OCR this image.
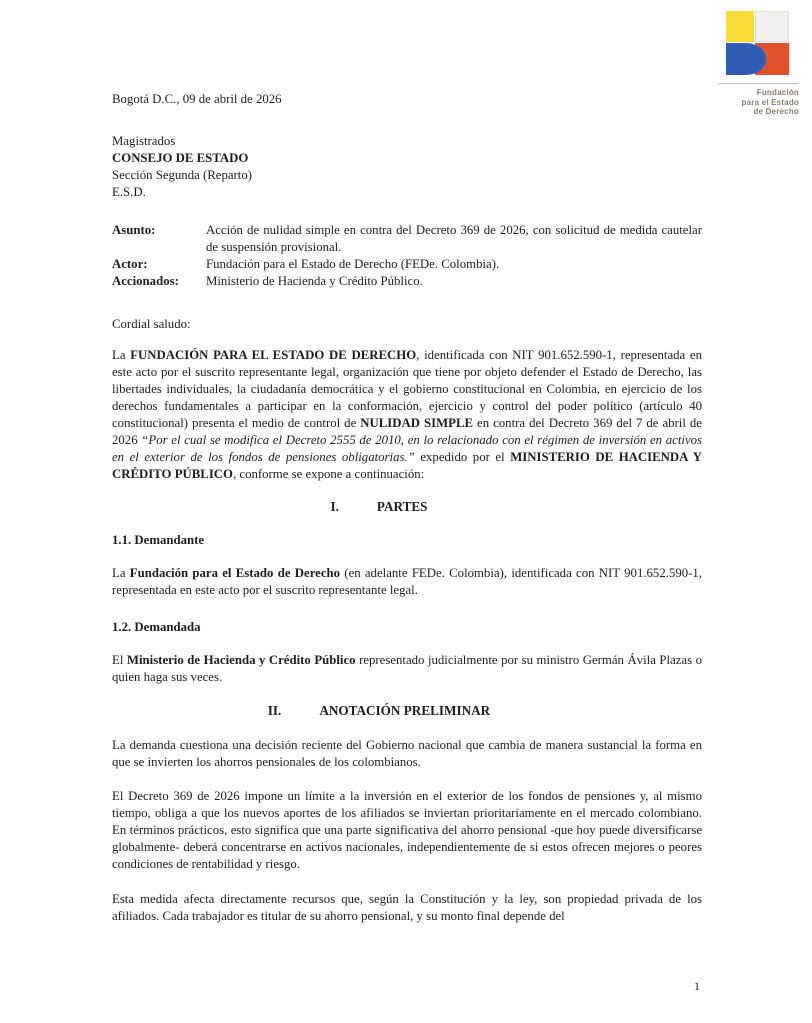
Fundación
para el Estado
de Derecho
Bogotá D.C., 09 de abril de 2026
Magistrados
CONSEJO DE ESTADO
Sección Segunda (Reparto)
E.S.D.
Asunto:	Acción de nulidad simple en contra del Decreto 369 de 2026, con solicitud de medida cautelar de suspensión provisional.
Actor:	Fundación para el Estado de Derecho (FEDe. Colombia).
Accionados:	Ministerio de Hacienda y Crédito Público.
Cordial saludo:

La FUNDACIÓN PARA EL ESTADO DE DERECHO, identificada con NIT 901.652.590-1, representada en este acto por el suscrito representante legal, organización que tiene por objeto defender el Estado de Derecho, las libertades individuales, la ciudadanía democrática y el gobierno constitucional en Colombia, en ejercicio de los derechos fundamentales a participar en la conformación, ejercicio y control del poder político (artículo 40 constitucional) presenta el medio de control de NULIDAD SIMPLE en contra del Decreto 369 del 7 de abril de 2026 “Por el cual se modifica el Decreto 2555 de 2010, en lo relacionado con el régimen de inversión en activos en el exterior de los fondos de pensiones obligatorias.” expedido por el MINISTERIO DE HACIENDA Y CRÉDITO PÚBLICO, conforme se expone a continuación:

I.	PARTES
1.1. Demandante

La Fundación para el Estado de Derecho (en adelante FEDe. Colombia), identificada con NIT 901.652.590-1, representada en este acto por el suscrito representante legal.

1.2. Demandada

El Ministerio de Hacienda y Crédito Público representado judicialmente por su ministro Germán Ávila Plazas o quien haga sus veces.

II.	ANOTACIÓN PRELIMINAR

La demanda cuestiona una decisión reciente del Gobierno nacional que cambia de manera sustancial la forma en que se invierten los ahorros pensionales de los colombianos.

El Decreto 369 de 2026 impone un límite a la inversión en el exterior de los fondos de pensiones y, al mismo tiempo, obliga a que los nuevos aportes de los afiliados se inviertan prioritariamente en el mercado colombiano. En términos prácticos, esto significa que una parte significativa del ahorro pensional -que hoy puede diversificarse globalmente- deberá concentrarse en activos nacionales, independientemente de si estos ofrecen mejores o peores condiciones de rentabilidad y riesgo.

Esta medida afecta directamente recursos que, según la Constitución y la ley, son propiedad privada de los afiliados. Cada trabajador es titular de su ahorro pensional, y su monto final depende del

1
